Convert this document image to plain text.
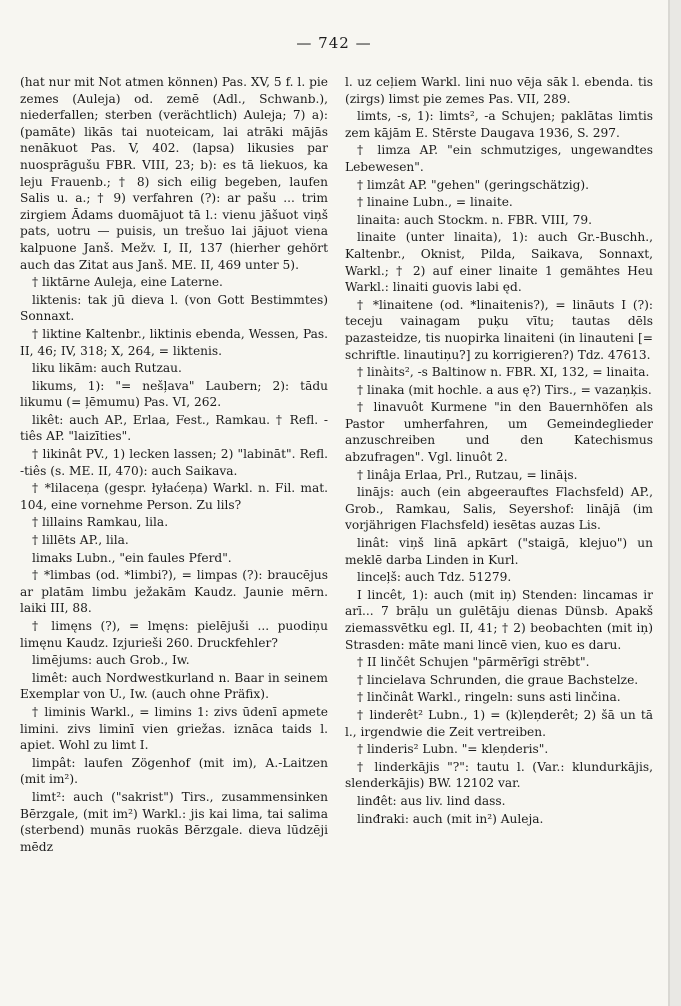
— 742 —

(hat nur mit Not atmen können) Pas. XV, 5 f. l. pie zemes (Auleja) od. zemē (Adl., Schwanb.), niederfallen; sterben (verächtlich) Auleja; 7) a): (pamāte) likās tai nuoteicam, lai atrāki mājās nenākuot Pas. V, 402. (lapsa) likusies par nuosprāgušu FBR. VIII, 23; b): es tā liekuos, ka leju Frauenb.; † 8) sich eilig begeben, laufen Salis u. a.; † 9) verfahren (?): ar pašu ... trim zirgiem Ādams duomājuot tā l.: vienu jāšuot viņš pats, uotru — puisis, un trešuo lai jājuot viena kalpuone Janš. Mežv. I, II, 137 (hierher gehört auch das Zitat aus Janš. ME. II, 469 unter 5).

† liktārne Auleja, eine Laterne.

liktenis: tak jū dieva l. (von Gott Bestimmtes) Sonnaxt.

† liktine Kaltenbr., liktinis ebenda, Wessen, Pas. II, 46; IV, 318; X, 264, = liktenis.

liku likām: auch Rutzau.

likums, 1): "= nešļava" Laubern; 2): tādu likumu (= ļēmumu) Pas. VI, 262.

likêt: auch AP., Erlaa, Fest., Ramkau. † Refl. -tiês AP. "laizīties".

† likinât PV., 1) lecken lassen; 2) "labināt". Refl. -tiês (s. ME. II, 470): auch Saikava.

† *lilaceņa (gespr. łyłaćeņa) Warkl. n. Fil. mat. 104, eine vornehme Person. Zu lils?

† lillains Ramkau, lila.

† lillēts AP., lila.

limaks Lubn., "ein faules Pferd".

† *limbas (od. *limbi?), = limpas (?): braucējus ar platām limbu ježakām Kaudz. Jaunie mērn. laiki III, 88.

† limęns (?), = lmęns: pielējuši ... puodiņu limęnu Kaudz. Izjurieši 260. Druckfehler?

limējums: auch Grob., Iw.

limêt: auch Nordwestkurland n. Baar in seinem Exemplar von U., Iw. (auch ohne Präfix).

† liminis Warkl., = limins 1: zivs ūdenī apmete limini. zivs liminī vien griežas. iznāca taids l. apiet. Wohl zu limt I.

limpât: laufen Zögenhof (mit im), A.-Laitzen (mit im²).

limt²: auch ("sakrist") Tirs., zusammensinken Bērzgale, (mit im²) Warkl.: jis kai lima, tai salima (sterbend) munās ruokās Bērzgale. dieva lūdzēji mēdz

l. uz ceļiem Warkl. lini nuo vēja sāk l. ebenda. tis (zirgs) limst pie zemes Pas. VII, 289.

limts, -s, 1): limts², -a Schujen; paklātas limtis zem kājām E. Stērste Daugava 1936, S. 297.

† limza AP. "ein schmutziges, ungewandtes Lebewesen".

† limzât AP. "gehen" (geringschätzig).

† linaine Lubn., = linaite.

linaita: auch Stockm. n. FBR. VIII, 79.

linaite (unter linaita), 1): auch Gr.-Buschh., Kaltenbr., Oknist, Pilda, Saikava, Sonnaxt, Warkl.; † 2) auf einer linaite 1 gemähtes Heu Warkl.: linaiti guovis labi ęd.

† *linaitene (od. *linaitenis?), = lināuts I (?): teceju vainagam puķu vītu; tautas dēls pazasteidze, tis nuopirka linaiteni (in linauteni [= schriftle. linautiņu?] zu korrigieren?) Tdz. 47613.

† linàits², -s Baltinow n. FBR. XI, 132, = linaita.

† linaka (mit hochle. a aus ę?) Tirs., = vazaņķis.

† linavuôt Kurmene "in den Bauernhöfen als Pastor umherfahren, um Gemeindeglieder anzuschreiben und den Katechismus abzufragen". Vgl. linuôt 2.

† linâja Erlaa, Prl., Rutzau, = lināįs.

linājs: auch (ein abgeerauftes Flachsfeld) AP., Grob., Ramkau, Salis, Seyershof: linājā (im vorjährigen Flachsfeld) iesētas auzas Lis.

linât: viņš linā apkārt ("staigā, klejuo") un meklē darba Linden in Kurl.

linceļš: auch Tdz. 51279.

I lincêt, 1): auch (mit iņ) Stenden: lincamas ir arī... 7 brāļu un gulētāju dienas Dünsb. Apakš ziemassvētku egl. II, 41; † 2) beobachten (mit iņ) Strasden: māte mani lincē vien, kuo es daru.

† II linčêt Schujen "pārmērīgi strēbt".

† lincielava Schrunden, die graue Bachstelze.

† linčinât Warkl., ringeln: suns asti linčina.

† linderêt² Lubn., 1) = (k)leņderêt; 2) šā un tā l., irgendwie die Zeit vertreiben.

† linderis² Lubn. "= kleņderis".

† linderkājis "?": tautu l. (Var.: klundurkājis, slenderkājis) BW. 12102 var.

linđêt: aus liv. lind dass.

linđraki: auch (mit in²) Auleja.
